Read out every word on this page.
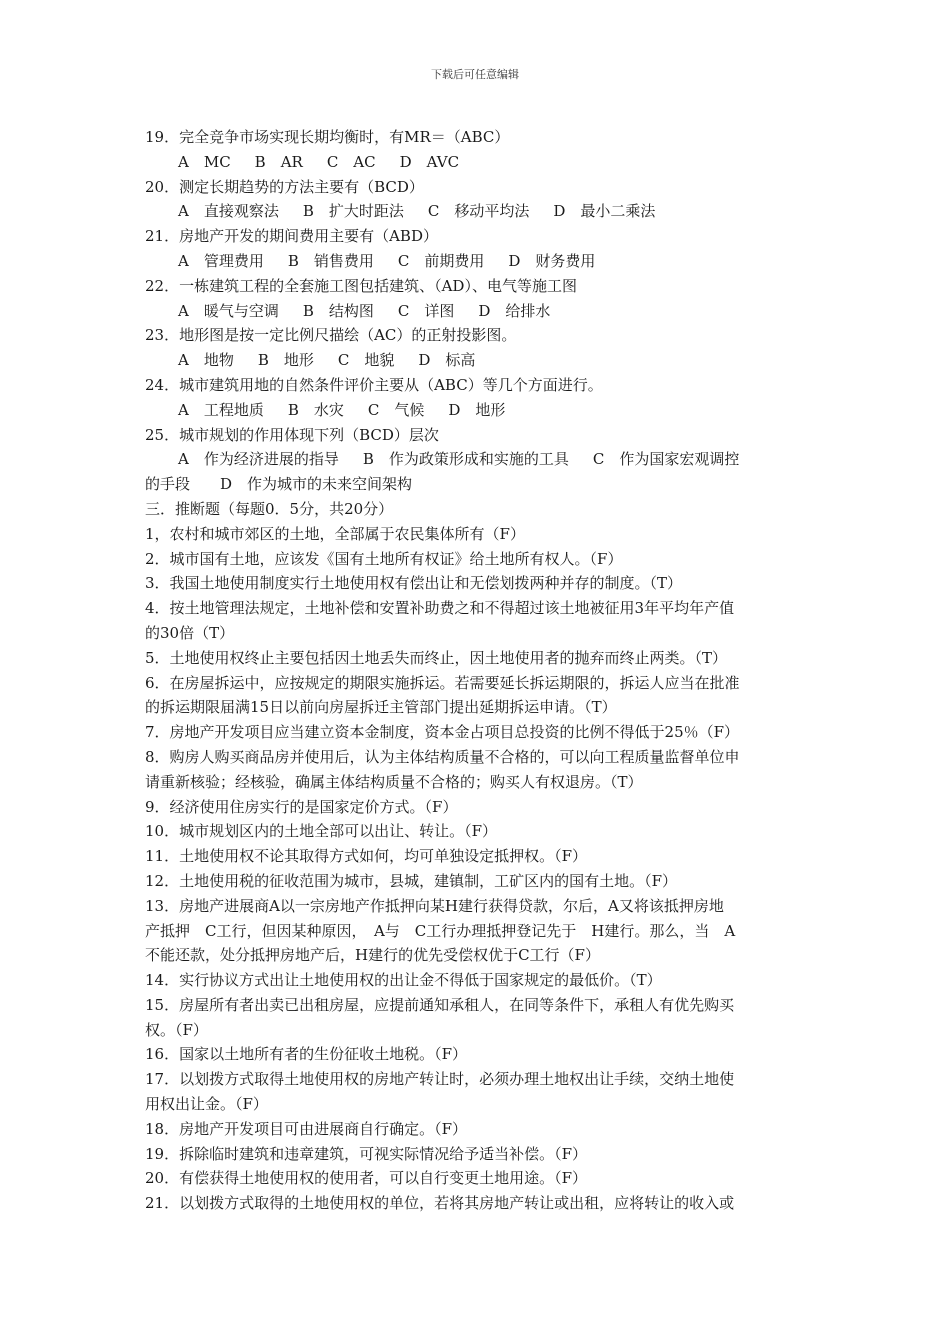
下载后可任意编辑
19．完全竞争市场实现长期均衡时，有MR＝（ABC）
A　MC B　AR C　AC D　AVC
20．测定长期趋势的方法主要有（BCD）
A　直接观察法 B　扩大时距法 C　移动平均法 D　最小二乘法
21．房地产开发的期间费用主要有（ABD）
A　管理费用 B　销售费用 C　前期费用 D　财务费用
22．一栋建筑工程的全套施工图包括建筑、（AD）、电气等施工图
A　暖气与空调 B　结构图 C　详图 D　给排水
23．地形图是按一定比例尺描绘（AC）的正射投影图。
A　地物 B　地形 C　地貌 D　标高
24．城市建筑用地的自然条件评价主要从（ABC）等几个方面进行。
A　工程地质 B　水灾 C　气候 D　地形
25．城市规划的作用体现下列（BCD）层次
A　作为经济进展的指导 B　作为政策形成和实施的工具 C　作为国家宏观调控
的手段　　D　作为城市的未来空间架构
三．推断题（每题0．5分，共20分）
1，农村和城市郊区的土地，全部属于农民集体所有（F）
2．城市国有土地，应该发《国有土地所有权证》给土地所有权人。（F）
3．我国土地使用制度实行土地使用权有偿出让和无偿划拨两种并存的制度。（T）
4．按土地管理法规定，土地补偿和安置补助费之和不得超过该土地被征用3年平均年产值
的30倍（T）
5．土地使用权终止主要包括因土地丢失而终止，因土地使用者的抛弃而终止两类。（T）
6．在房屋拆运中，应按规定的期限实施拆运。若需要延长拆运期限的，拆运人应当在批准
的拆运期限届满15日以前向房屋拆迁主管部门提出延期拆运申请。（T）
7．房地产开发项目应当建立资本金制度，资本金占项目总投资的比例不得低于25％（F）
8．购房人购买商品房并使用后，认为主体结构质量不合格的，可以向工程质量监督单位申
请重新核验；经核验，确属主体结构质量不合格的；购买人有权退房。（T）
9．经济使用住房实行的是国家定价方式。（F）
10．城市规划区内的土地全部可以出让、转让。（F）
11．土地使用权不论其取得方式如何，均可单独设定抵押权。（F）
12．土地使用税的征收范围为城市，县城，建镇制，工矿区内的国有土地。（F）
13．房地产进展商A以一宗房地产作抵押向某H建行获得贷款，尔后，A又将该抵押房地
产抵押　C工行，但因某种原因，　A与　C工行办理抵押登记先于　H建行。那么，当　A
不能还款，处分抵押房地产后，H建行的优先受偿权优于C工行（F）
14．实行协议方式出让土地使用权的出让金不得低于国家规定的最低价。（T）
15．房屋所有者出卖已出租房屋，应提前通知承租人，在同等条件下，承租人有优先购买
权。（F）
16．国家以土地所有者的生份征收土地税。（F）
17．以划拨方式取得土地使用权的房地产转让时，必须办理土地权出让手续，交纳土地使
用权出让金。（F）
18．房地产开发项目可由进展商自行确定。（F）
19．拆除临时建筑和违章建筑，可视实际情况给予适当补偿。（F）
20．有偿获得土地使用权的使用者，可以自行变更土地用途。（F）
21．以划拨方式取得的土地使用权的单位，若将其房地产转让或出租，应将转让的收入或
